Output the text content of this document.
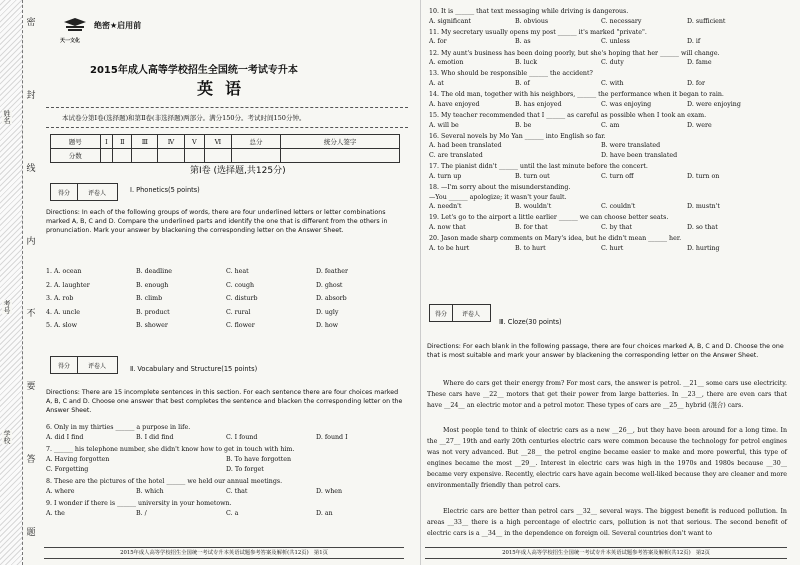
姓名
考号
学校
密
封
线
内
不
要
答
题
绝密★启用前
天一文化
2015年成人高等学校招生全国统一考试专升本
英语
本试卷分第Ⅰ卷(选择题)和第Ⅱ卷(非选择题)两部分。满分150分。考试时间150分钟。
题号	Ⅰ	Ⅱ	Ⅲ	Ⅳ	Ⅴ	Ⅵ	总分	统分人签字
分数								
第Ⅰ卷 (选择题,共125分)
得分	评卷人	Ⅰ. Phonetics(5 points)
Directions: In each of the following groups of words, there are four underlined letters or letter combinations marked A, B, C and D. Compare the underlined parts and identify the one that is different from the others in pronunciation. Mark your answer by blackening the corresponding letter on the Answer Sheet.
1. A. ocean	B. deadline	C. heat	D. feather
2. A. laughter	B. enough	C. cough	D. ghost
3. A. rob	B. climb	C. disturb	D. absorb
4. A. uncle	B. product	C. rural	D. ugly
5. A. slow	B. shower	C. flower	D. how
得分	评卷人	Ⅱ. Vocabulary and Structure(15 points)
Directions: There are 15 incomplete sentences in this section. For each sentence there are four choices marked A, B, C and D. Choose one answer that best completes the sentence and blacken the corresponding letter on the Answer Sheet.
6. Only in my thirties ______ a purpose in life.
A. did I find	B. I did find	C. I found	D. found I
7. ______ his telephone number, she didn't know how to get in touch with him.
A. Having forgotten	B. To have forgotten
C. Forgetting	D. To forget
8. These are the pictures of the hotel ______ we held our annual meetings.
A. where	B. which	C. that	D. when
9. I wonder if there is ______ university in your hometown.
A. the	B. /	C. a	D. an
2015年成人高等学校招生全国统一考试专升本英语试题参考答案及解析(共12页)　第1页
10. It is ______ that text messaging while driving is dangerous.
A. significant	B. obvious	C. necessary	D. sufficient
11. My secretary usually opens my post ______ it's marked "private".
A. for	B. as	C. unless	D. if
12. My aunt's business has been doing poorly, but she's hoping that her ______ will change.
A. emotion	B. luck	C. duty	D. fame
13. Who should be responsible ______ the accident?
A. at	B. of	C. with	D. for
14. The old man, together with his neighbors, ______ the performance when it began to rain.
A. have enjoyed	B. has enjoyed	C. was enjoying	D. were enjoying
15. My teacher recommended that I ______ as careful as possible when I took an exam.
A. will be	B. be	C. am	D. were
16. Several novels by Mo Yan ______ into English so far.
A. had been translated	B. were translated
C. are translated	D. have been translated
17. The pianist didn't ______ until the last minute before the concert.
A. turn up	B. turn out	C. turn off	D. turn on
18. —I'm sorry about the misunderstanding.
—You ______ apologize; it wasn't your fault.
A. needn't	B. wouldn't	C. couldn't	D. mustn't
19. Let's go to the airport a little earlier ______ we can choose better seats.
A. now that	B. for that	C. by that	D. so that
20. Jason made sharp comments on Mary's idea, but he didn't mean ______ her.
A. to be hurt	B. to hurt	C. hurt	D. hurting
得分	评卷人
Ⅲ. Cloze(30 points)
Directions: For each blank in the following passage, there are four choices marked A, B, C and D. Choose the one that is most suitable and mark your answer by blackening the corresponding letter on the Answer Sheet.
Where do cars get their energy from? For most cars, the answer is petrol. __21__ some cars use electricity. These cars have __22__ motors that get their power from large batteries. In __23__, there are even cars that have __24__ an electric motor and a petrol motor. These types of cars are __25__ hybrid (混合) cars.
Most people tend to think of electric cars as a new __26__, but they have been around for a long time. In the __27__ 19th and early 20th centuries electric cars were common because the technology for petrol engines was not very advanced. But __28__ the petrol engine became easier to make and more powerful, this type of engines became the most __29__. Interest in electric cars was high in the 1970s and 1980s because __30__ became very expensive. Recently, electric cars have again become well-liked because they are cleaner and more environmentally friendly than petrol cars.
Electric cars are better than petrol cars __32__ several ways. The biggest benefit is reduced pollution. In areas __33__ there is a high percentage of electric cars, pollution is not that serious. The second benefit of electric cars is a __34__ in the dependence on foreign oil. Several countries don't want to
2015年成人高等学校招生全国统一考试专升本英语试题参考答案及解析(共12页)　第2页
